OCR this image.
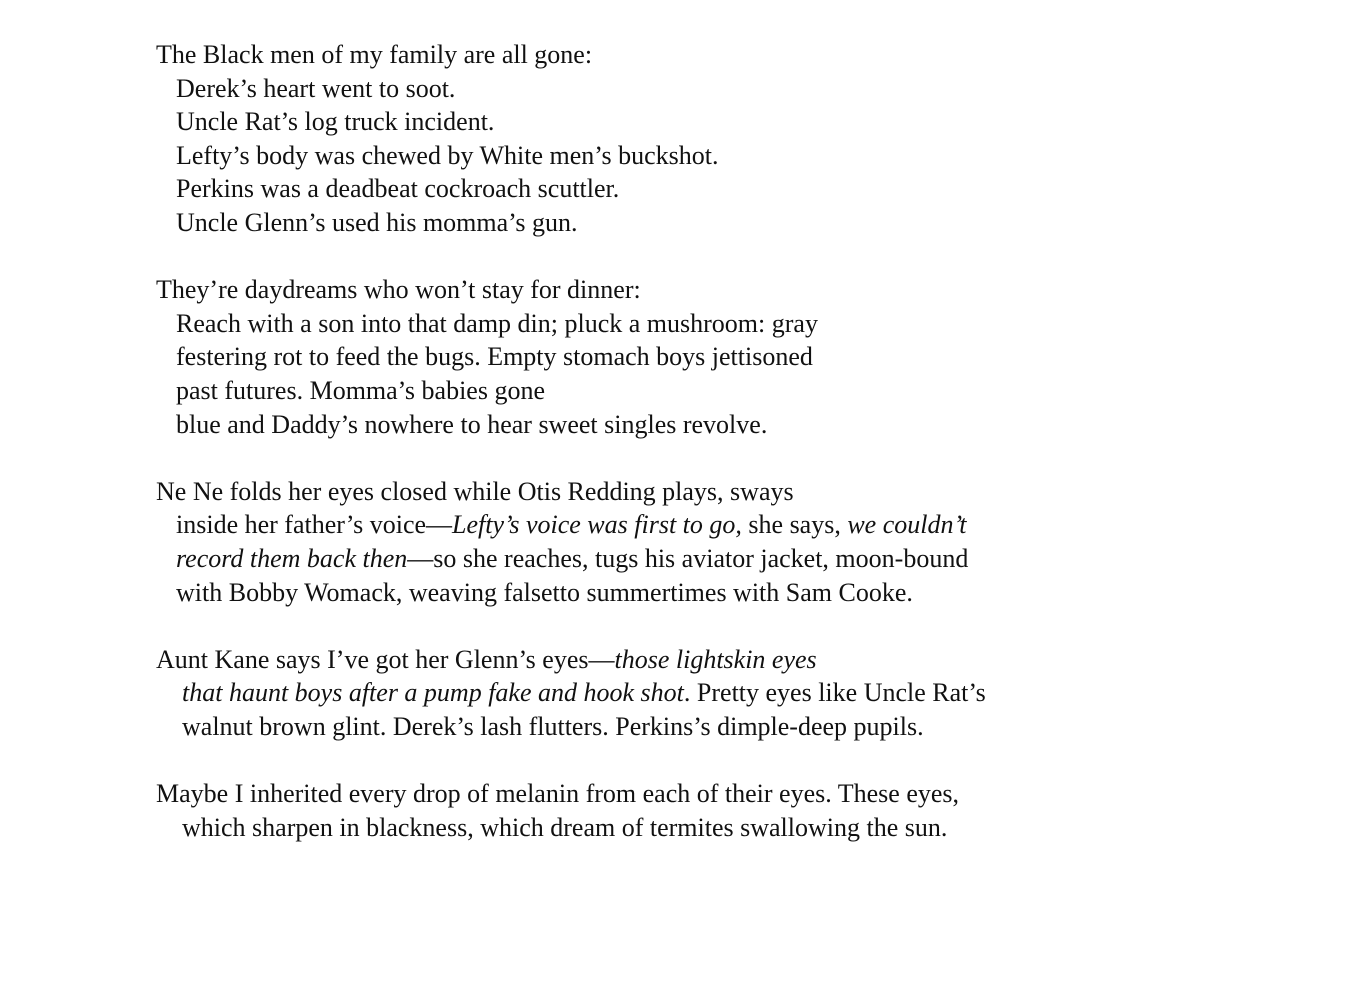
The Black men of my family are all gone:
Derek’s heart went to soot.
Uncle Rat’s log truck incident.
Lefty’s body was chewed by White men’s buckshot.
Perkins was a deadbeat cockroach scuttler.
Uncle Glenn’s used his momma’s gun.
They’re daydreams who won’t stay for dinner:
Reach with a son into that damp din; pluck a mushroom: gray
festering rot to feed the bugs. Empty stomach boys jettisoned
past futures. Momma’s babies gone
blue and Daddy’s nowhere to hear sweet singles revolve.
Ne Ne folds her eyes closed while Otis Redding plays, sways
inside her father’s voice—Lefty’s voice was first to go, she says, we couldn’t
record them back then—so she reaches, tugs his aviator jacket, moon-bound
with Bobby Womack, weaving falsetto summertimes with Sam Cooke.
Aunt Kane says I’ve got her Glenn’s eyes—those lightskin eyes
that haunt boys after a pump fake and hook shot. Pretty eyes like Uncle Rat’s
walnut brown glint. Derek’s lash flutters. Perkins’s dimple-deep pupils.
Maybe I inherited every drop of melanin from each of their eyes. These eyes,
which sharpen in blackness, which dream of termites swallowing the sun.
